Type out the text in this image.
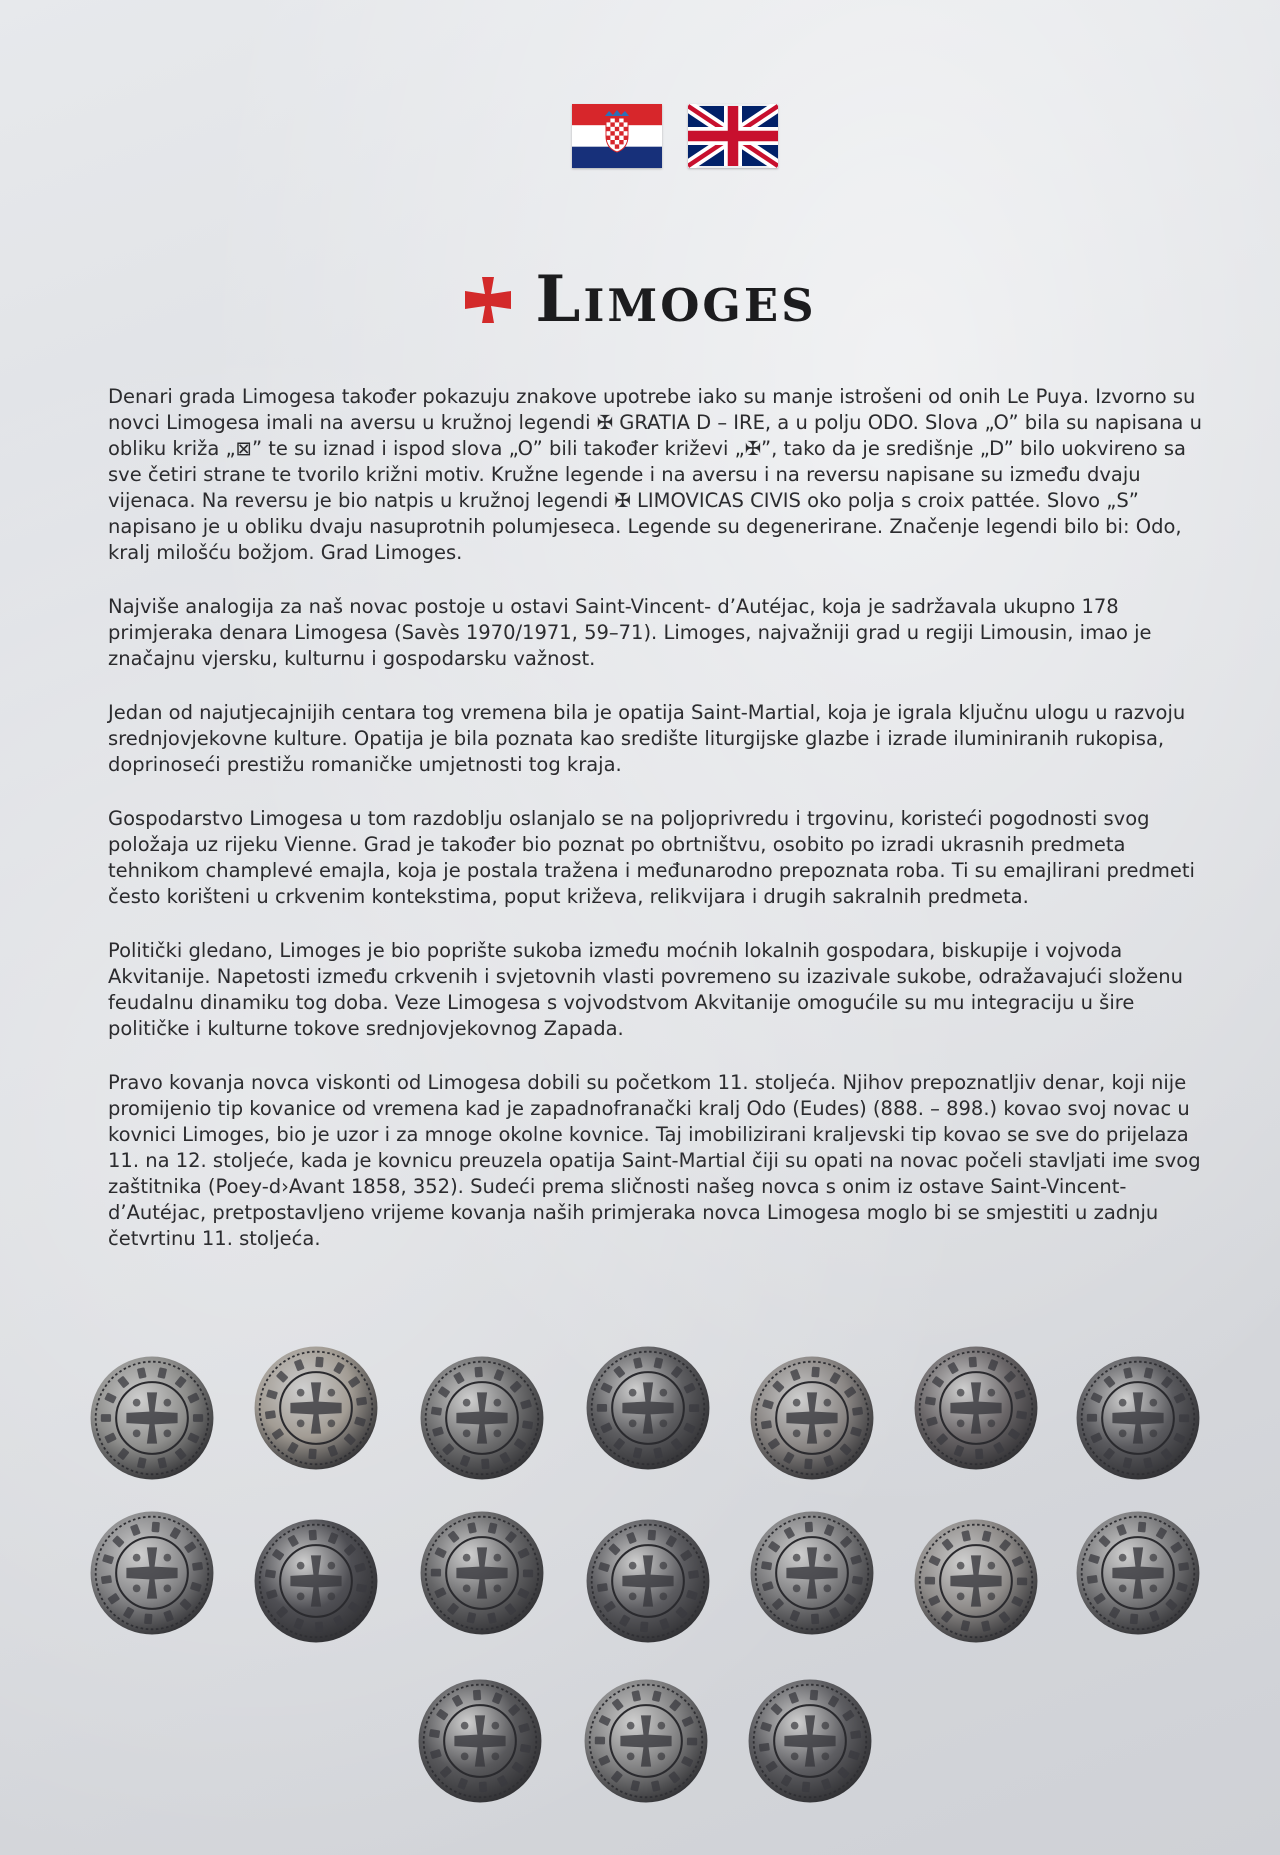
Limoges

Denari grada Limogesa također pokazuju znakove upotrebe iako su manje istrošeni od onih Le Puya. Izvorno su novci Limogesa imali na aversu u kružnoj legendi ✠ GRATIA D – IRE, a u polju ODO. Slova „O” bila su napisana u obliku križa „⊠” te su iznad i ispod slova „O” bili također križevi „✠”, tako da je središnje „D” bilo uokvireno sa sve četiri strane te tvorilo križni motiv. Kružne legende i na aversu i na reversu napisane su između dvaju vijenaca. Na reversu je bio natpis u kružnoj legendi ✠ LIMOVICAS CIVIS oko polja s croix pattée. Slovo „S” napisano je u obliku dvaju nasuprotnih polumjeseca. Legende su degenerirane. Značenje legendi bilo bi: Odo, kralj milošću božjom. Grad Limoges.

Najviše analogija za naš novac postoje u ostavi Saint-Vincent- d’Autéjac, koja je sadržavala ukupno 178 primjeraka denara Limogesa (Savès 1970/1971, 59–71). Limoges, najvažniji grad u regiji Limousin, imao je značajnu vjersku, kulturnu i gospodarsku važnost.

Jedan od najutjecajnijih centara tog vremena bila je opatija Saint-Martial, koja je igrala ključnu ulogu u razvoju srednjovjekovne kulture. Opatija je bila poznata kao središte liturgijske glazbe i izrade iluminiranih rukopisa, doprinoseći prestižu romaničke umjetnosti tog kraja.

Gospodarstvo Limogesa u tom razdoblju oslanjalo se na poljoprivredu i trgovinu, koristeći pogodnosti svog položaja uz rijeku Vienne. Grad je također bio poznat po obrtništvu, osobito po izradi ukrasnih predmeta tehnikom champlevé emajla, koja je postala tražena i međunarodno prepoznata roba. Ti su emajlirani predmeti često korišteni u crkvenim kontekstima, poput križeva, relikvijara i drugih sakralnih predmeta.

Politički gledano, Limoges je bio poprište sukoba između moćnih lokalnih gospodara, biskupije i vojvoda Akvitanije. Napetosti između crkvenih i svjetovnih vlasti povremeno su izazivale sukobe, odražavajući složenu feudalnu dinamiku tog doba. Veze Limogesa s vojvodstvom Akvitanije omogućile su mu integraciju u šire političke i kulturne tokove srednjovjekovnog Zapada.

Pravo kovanja novca viskonti od Limogesa dobili su početkom 11. stoljeća. Njihov prepoznatljiv denar, koji nije promijenio tip kovanice od vremena kad je zapadnofranački kralj Odo (Eudes) (888. – 898.) kovao svoj novac u kovnici Limoges, bio je uzor i za mnoge okolne kovnice. Taj imobilizirani kraljevski tip kovao se sve do prijelaza 11. na 12. stoljeće, kada je kovnicu preuzela opatija Saint-Martial čiji su opati na novac počeli stavljati ime svog zaštitnika (Poey-d›Avant 1858, 352). Sudeći prema sličnosti našeg novca s onim iz ostave Saint-Vincent-d’Autéjac, pretpostavljeno vrijeme kovanja naših primjeraka novca Limogesa moglo bi se smjestiti u zadnju četvrtinu 11. stoljeća.
